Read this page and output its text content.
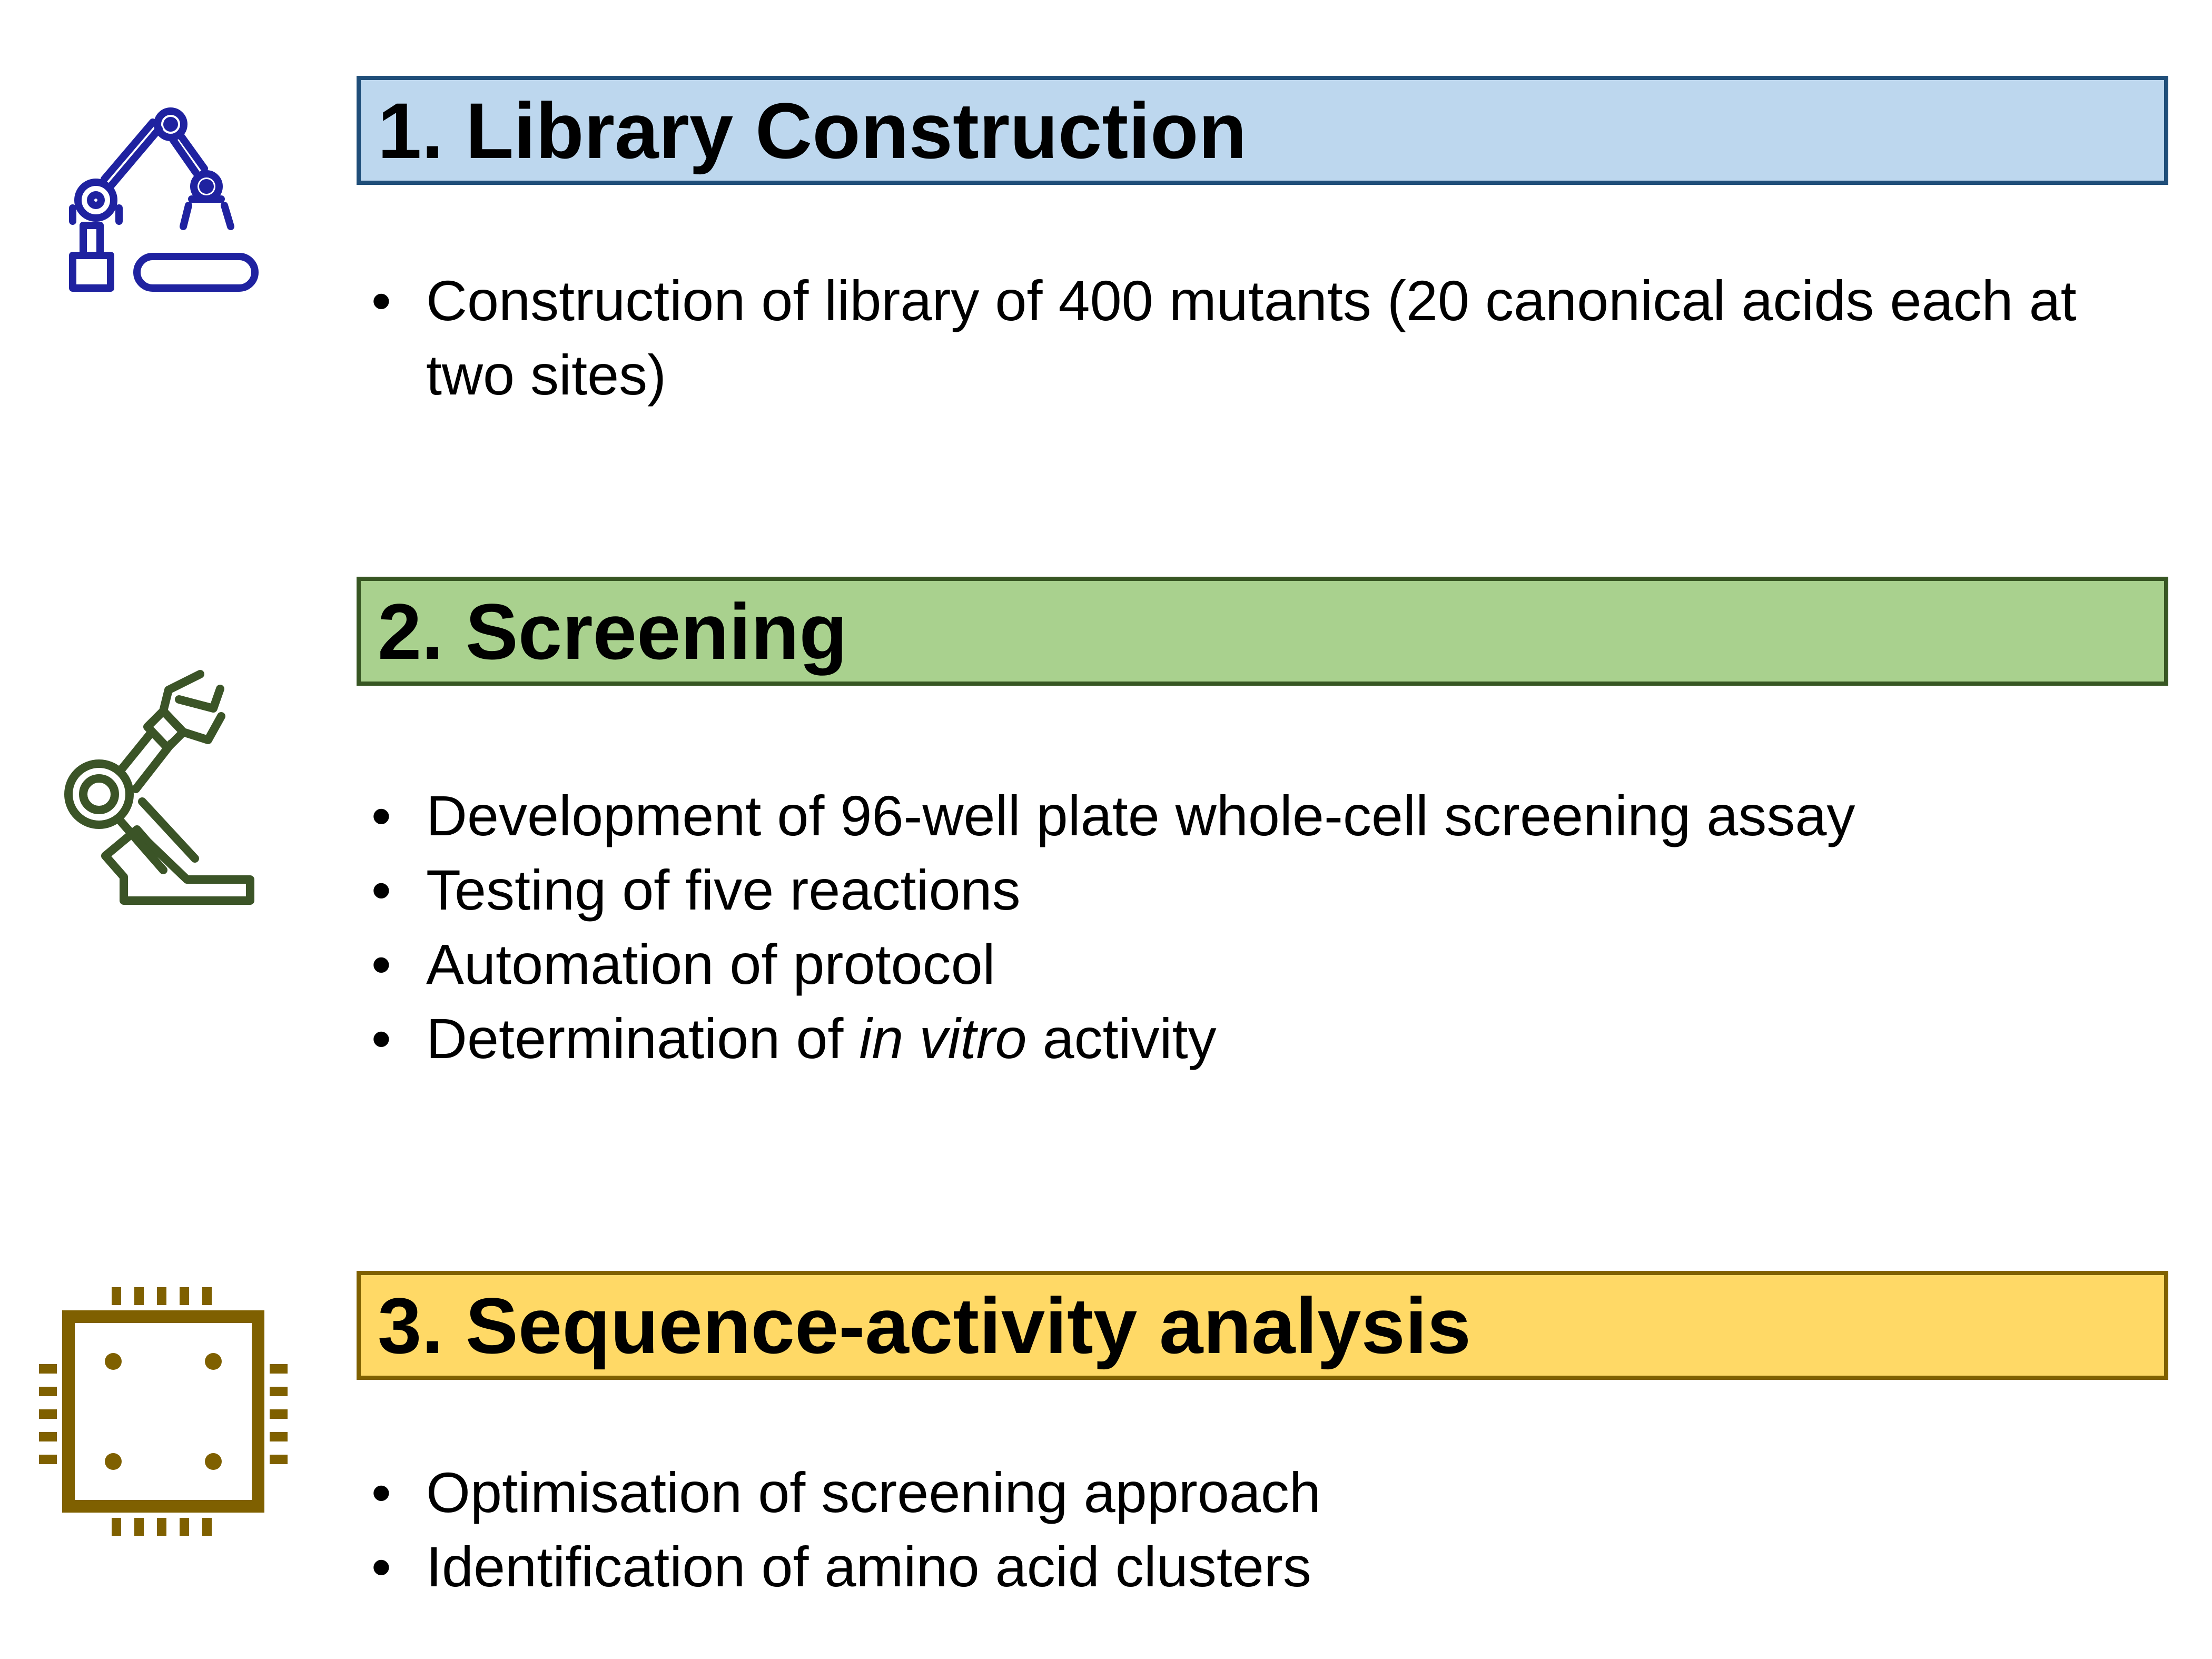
1. Library Construction
• Construction of library of 400 mutants (20 canonical acids each at two sites)
2. Screening
• Development of 96-well plate whole-cell screening assay
• Testing of five reactions
• Automation of protocol
• Determination of in vitro activity
3. Sequence-activity analysis
• Optimisation of screening approach
• Identification of amino acid clusters
